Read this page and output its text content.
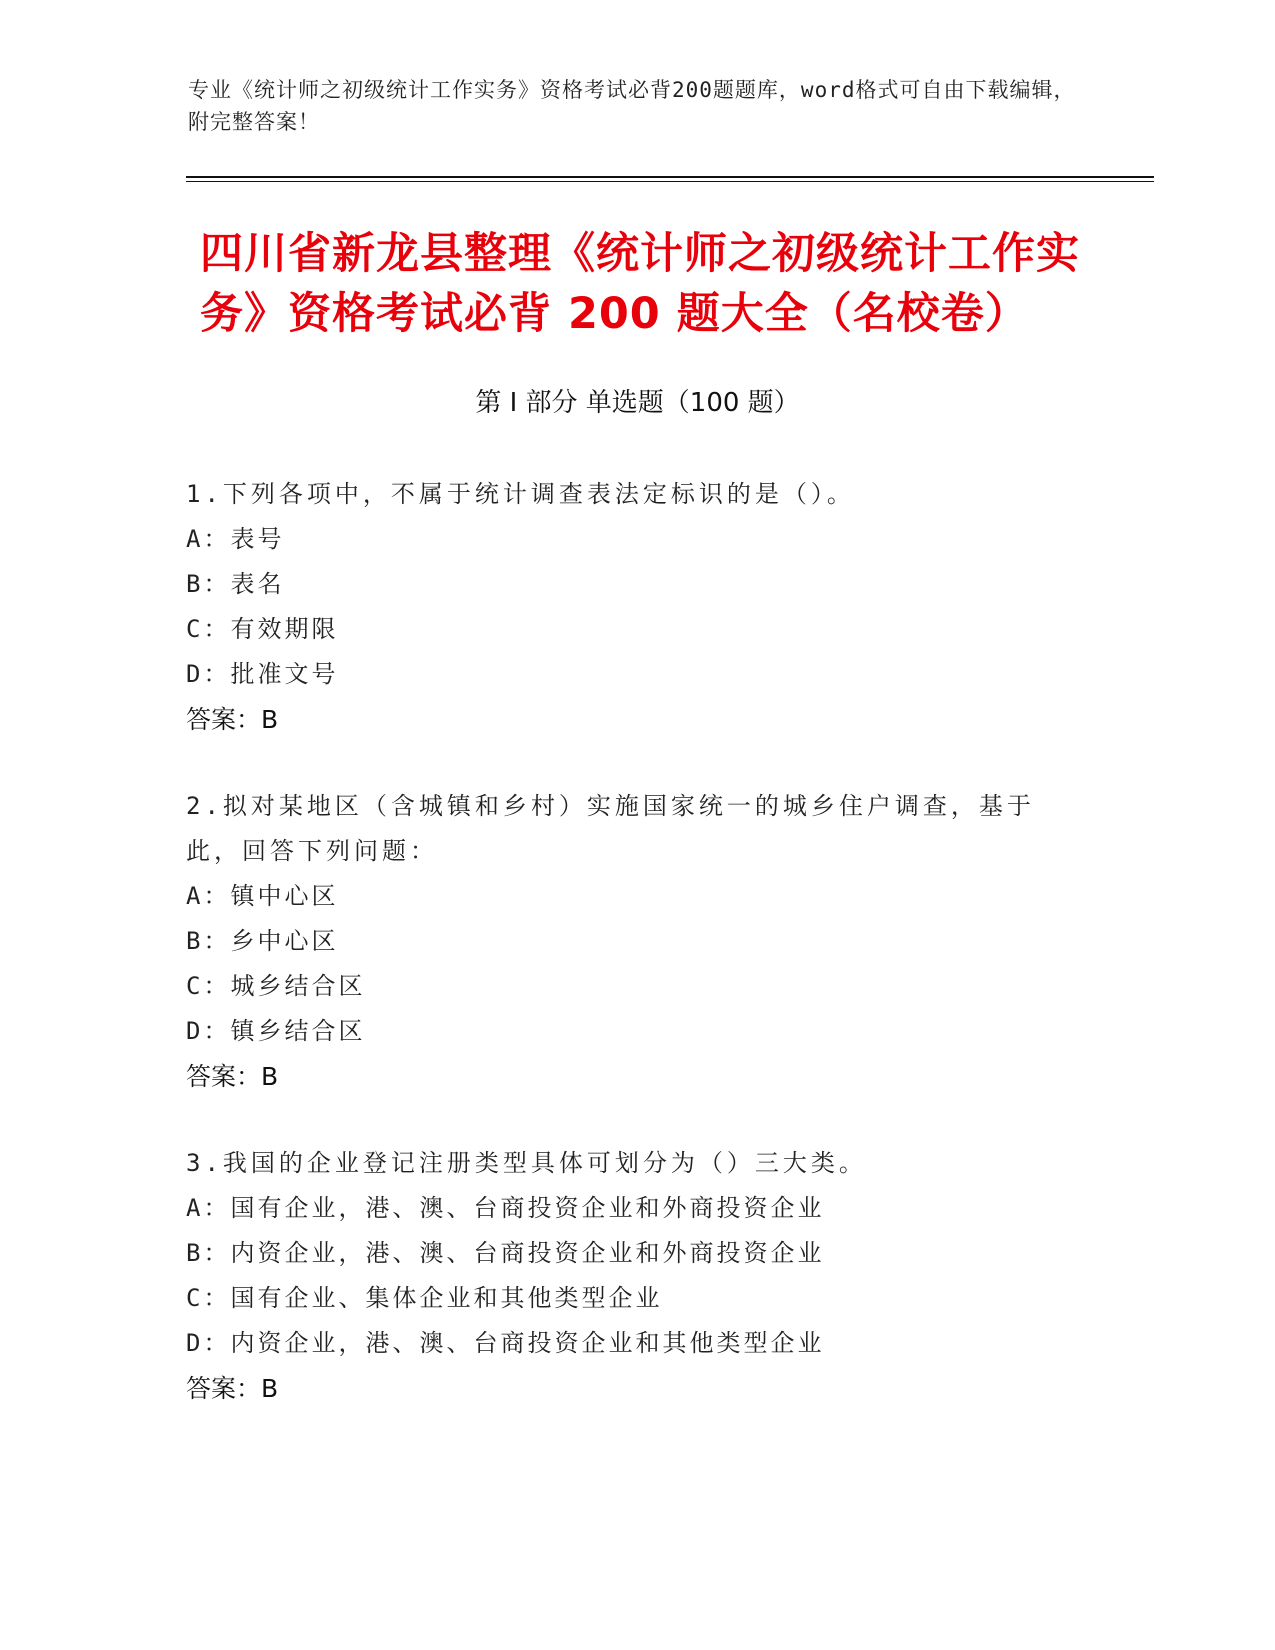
专业《统计师之初级统计工作实务》资格考试必背200题题库，word格式可自由下载编辑，附完整答案！
四川省新龙县整理《统计师之初级统计工作实务》资格考试必背 200 题大全（名校卷）
第 I 部分 单选题（100 题）
1.下列各项中，不属于统计调查表法定标识的是（）。
A：表号
B：表名
C：有效期限
D：批准文号
答案：B
2.拟对某地区（含城镇和乡村）实施国家统一的城乡住户调查，基于此，回答下列问题：
A：镇中心区
B：乡中心区
C：城乡结合区
D：镇乡结合区
答案：B
3.我国的企业登记注册类型具体可划分为（）三大类。
A：国有企业，港、澳、台商投资企业和外商投资企业
B：内资企业，港、澳、台商投资企业和外商投资企业
C：国有企业、集体企业和其他类型企业
D：内资企业，港、澳、台商投资企业和其他类型企业
答案：B
